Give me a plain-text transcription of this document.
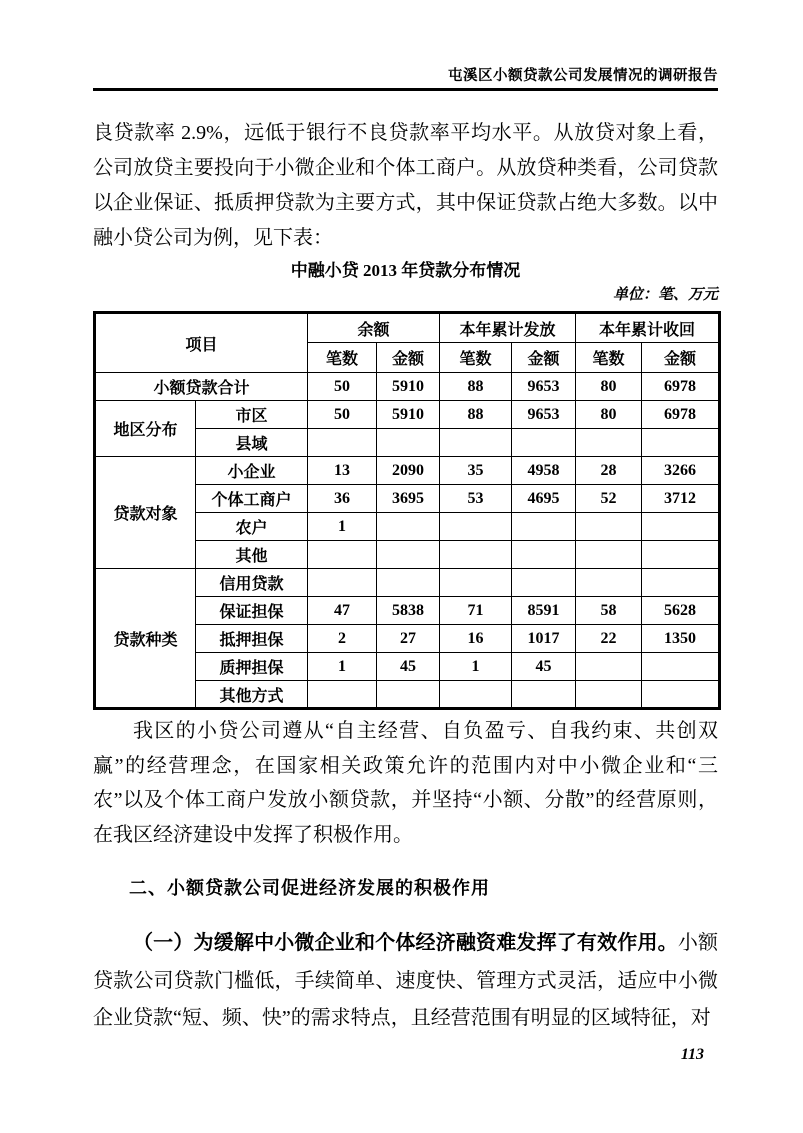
屯溪区小额贷款公司发展情况的调研报告
良贷款率 2.9%，远低于银行不良贷款率平均水平。从放贷对象上看，公司放贷主要投向于小微企业和个体工商户。从放贷种类看，公司贷款以企业保证、抵质押贷款为主要方式，其中保证贷款占绝大多数。以中融小贷公司为例，见下表：
中融小贷 2013 年贷款分布情况
单位：笔、万元
项目		余额		本年累计发放		本年累计收回	
		笔数	金额	笔数	金额	笔数	金额
小额贷款合计		50	5910	88	9653	80	6978
地区分布	市区	50	5910	88	9653	80	6978
	县域						
贷款对象	小企业	13	2090	35	4958	28	3266
	个体工商户	36	3695	53	4695	52	3712
	农户	1					
	其他						
贷款种类	信用贷款						
	保证担保	47	5838	71	8591	58	5628
	抵押担保	2	27	16	1017	22	1350
	质押担保	1	45	1	45		
	其他方式						
我区的小贷公司遵从“自主经营、自负盈亏、自我约束、共创双赢”的经营理念，在国家相关政策允许的范围内对中小微企业和“三农”以及个体工商户发放小额贷款，并坚持“小额、分散”的经营原则，在我区经济建设中发挥了积极作用。
二、小额贷款公司促进经济发展的积极作用
（一）为缓解中小微企业和个体经济融资难发挥了有效作用。小额贷款公司贷款门槛低，手续简单、速度快、管理方式灵活，适应中小微企业贷款“短、频、快”的需求特点，且经营范围有明显的区域特征，对
113
